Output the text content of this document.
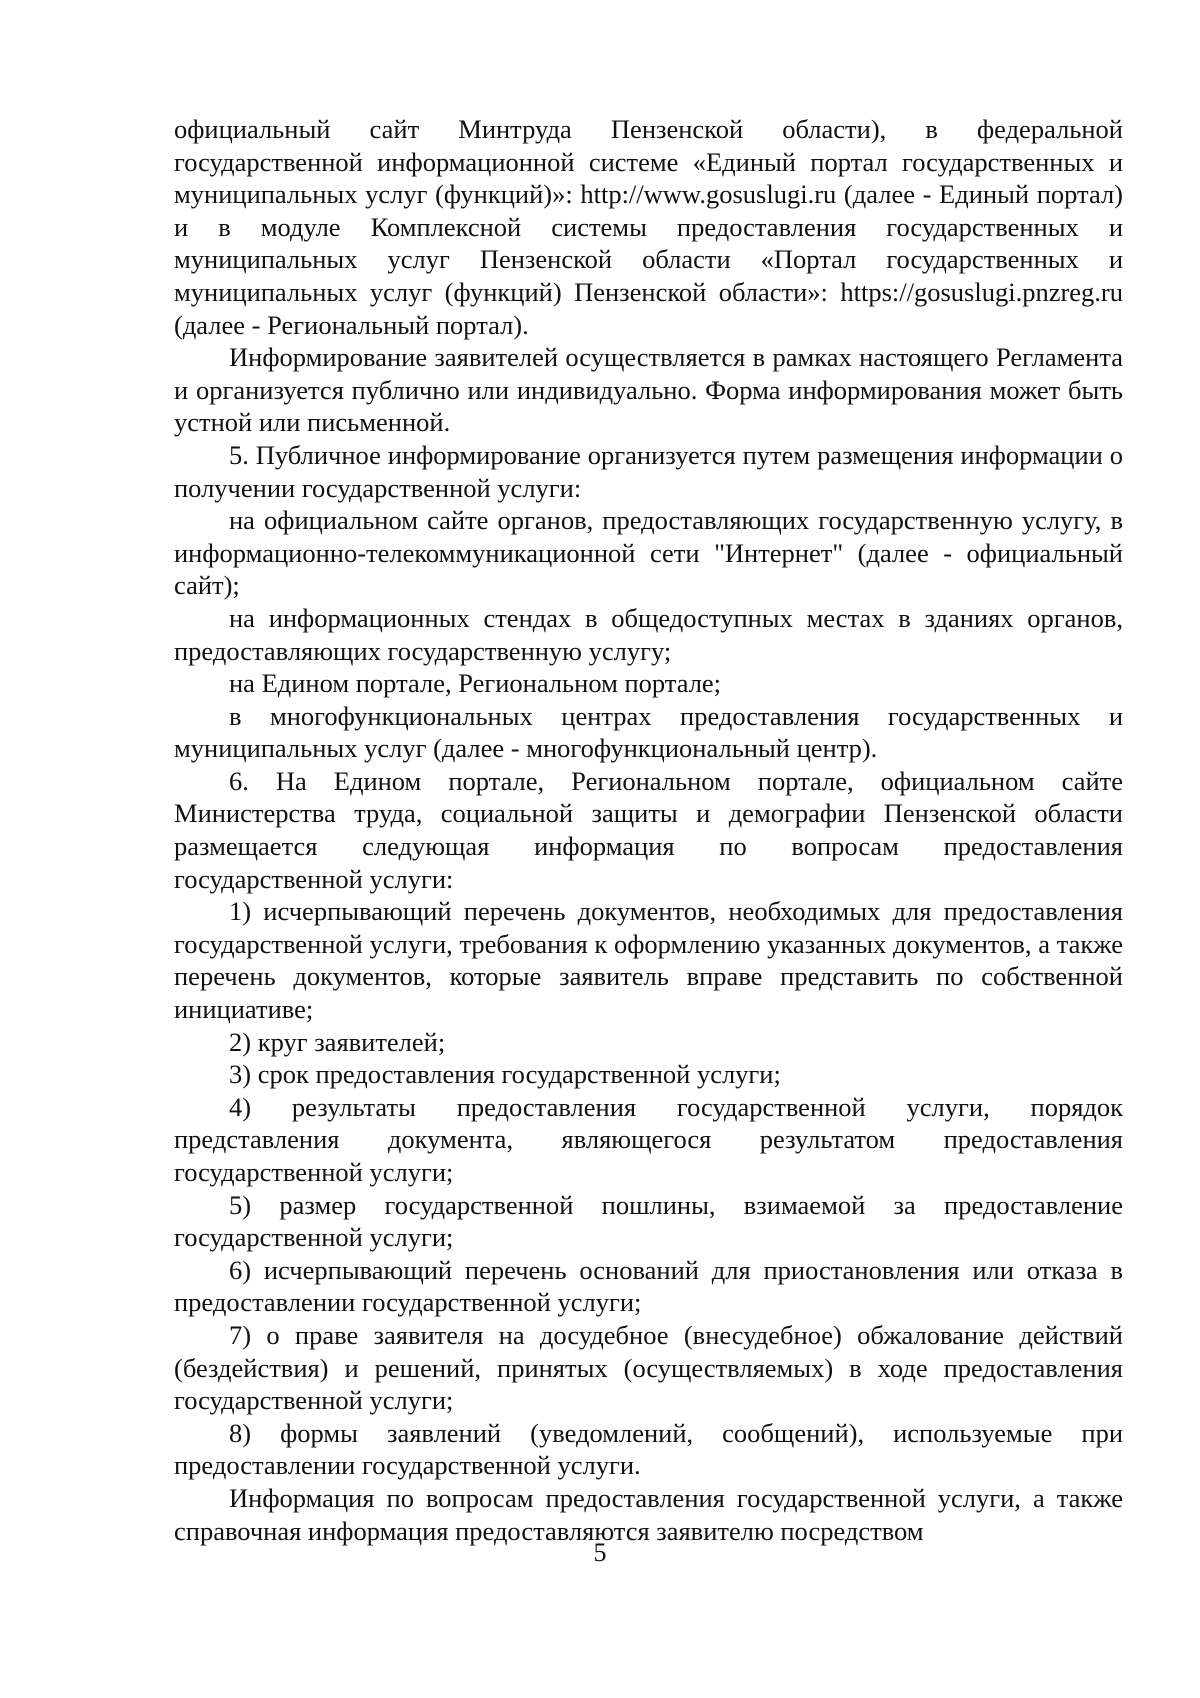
официальный сайт Минтруда Пензенской области), в федеральной государственной информационной системе «Единый портал государственных и муниципальных услуг (функций)»: http://www.gosuslugi.ru (далее - Единый портал) и в модуле Комплексной системы предоставления государственных и муниципальных услуг Пензенской области «Портал государственных и муниципальных услуг (функций) Пензенской области»: https://gosuslugi.pnzreg.ru (далее - Региональный портал).

Информирование заявителей осуществляется в рамках настоящего Регламента и организуется публично или индивидуально. Форма информирования может быть устной или письменной.

5. Публичное информирование организуется путем размещения информации о получении государственной услуги:

на официальном сайте органов, предоставляющих государственную услугу, в информационно-телекоммуникационной сети "Интернет" (далее - официальный сайт);

на информационных стендах в общедоступных местах в зданиях органов, предоставляющих государственную услугу;

на Едином портале, Региональном портале;

в многофункциональных центрах предоставления государственных и муниципальных услуг (далее - многофункциональный центр).

6. На Едином портале, Региональном портале, официальном сайте Министерства труда, социальной защиты и демографии Пензенской области размещается следующая информация по вопросам предоставления государственной услуги:

1) исчерпывающий перечень документов, необходимых для предоставления государственной услуги, требования к оформлению указанных документов, а также перечень документов, которые заявитель вправе представить по собственной инициативе;

2) круг заявителей;

3) срок предоставления государственной услуги;

4) результаты предоставления государственной услуги, порядок представления документа, являющегося результатом предоставления государственной услуги;

5) размер государственной пошлины, взимаемой за предоставление государственной услуги;

6) исчерпывающий перечень оснований для приостановления или отказа в предоставлении государственной услуги;

7) о праве заявителя на досудебное (внесудебное) обжалование действий (бездействия) и решений, принятых (осуществляемых) в ходе предоставления государственной услуги;

8) формы заявлений (уведомлений, сообщений), используемые при предоставлении государственной услуги.

Информация по вопросам предоставления государственной услуги, а также справочная информация предоставляются заявителю посредством

5
